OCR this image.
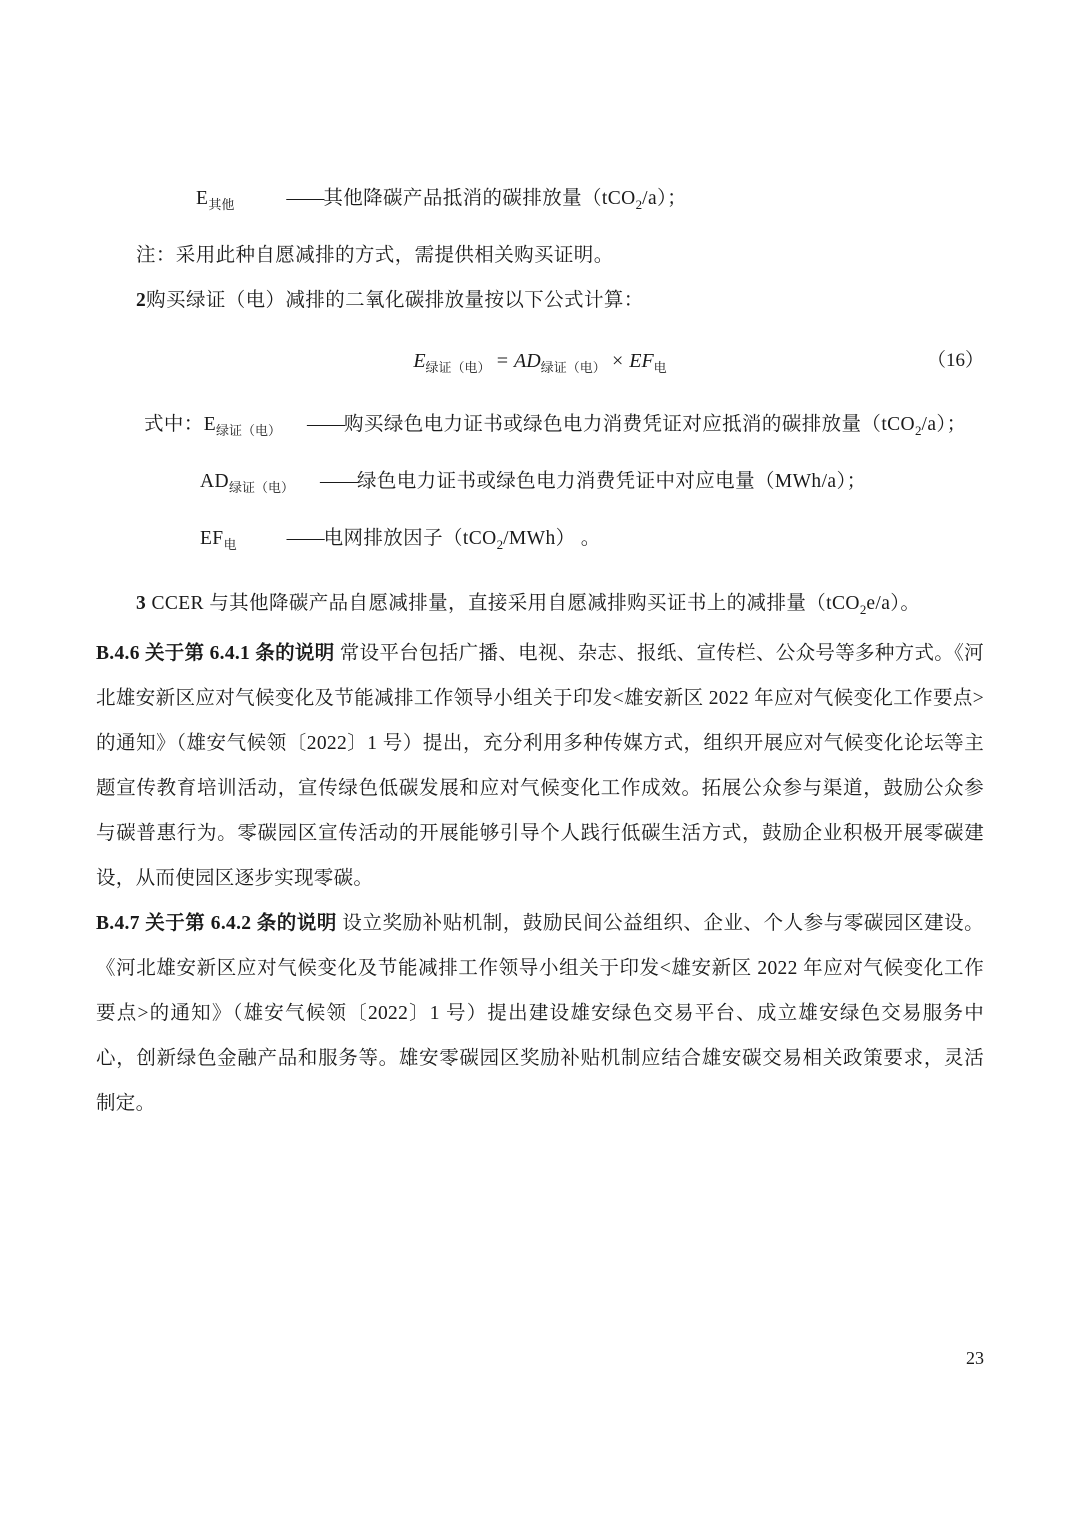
$E_{其他}$	——其他降碳产品抵消的碳排放量（tCO$_2$/a）；
注：采用此种自愿减排的方式，需提供相关购买证明。
2购买绿证（电）减排的二氧化碳排放量按以下公式计算：
$E_{绿证(电)} = AD_{绿证(电)} \times EF_电$	（16）
式中：$E_{绿证(电)}$ ——购买绿色电力证书或绿色电力消费凭证对应抵消的碳排放量（tCO$_2$/a）；
$AD_{绿证(电)}$ ——绿色电力证书或绿色电力消费凭证中对应电量（MWh/a）；
$EF_电$	——电网排放因子（tCO$_2$/MWh） 。
3 CCER 与其他降碳产品自愿减排量，直接采用自愿减排购买证书上的减排量（tCO$_2$e/a）。
B.4.6 关于第 6.4.1 条的说明 常设平台包括广播、电视、杂志、报纸、宣传栏、公众号等多种方式。《河北雄安新区应对气候变化及节能减排工作领导小组关于印发<雄安新区 2022 年应对气候变化工作要点>的通知》（雄安气候领〔2022〕1 号）提出，充分利用多种传媒方式，组织开展应对气候变化论坛等主题宣传教育培训活动，宣传绿色低碳发展和应对气候变化工作成效。拓展公众参与渠道，鼓励公众参与碳普惠行为。零碳园区宣传活动的开展能够引导个人践行低碳生活方式，鼓励企业积极开展零碳建设，从而使园区逐步实现零碳。
B.4.7 关于第 6.4.2 条的说明 设立奖励补贴机制，鼓励民间公益组织、企业、个人参与零碳园区建设。《河北雄安新区应对气候变化及节能减排工作领导小组关于印发<雄安新区 2022 年应对气候变化工作要点>的通知》（雄安气候领〔2022〕1 号）提出建设雄安绿色交易平台、成立雄安绿色交易服务中心，创新绿色金融产品和服务等。雄安零碳园区奖励补贴机制应结合雄安碳交易相关政策要求，灵活制定。
23
